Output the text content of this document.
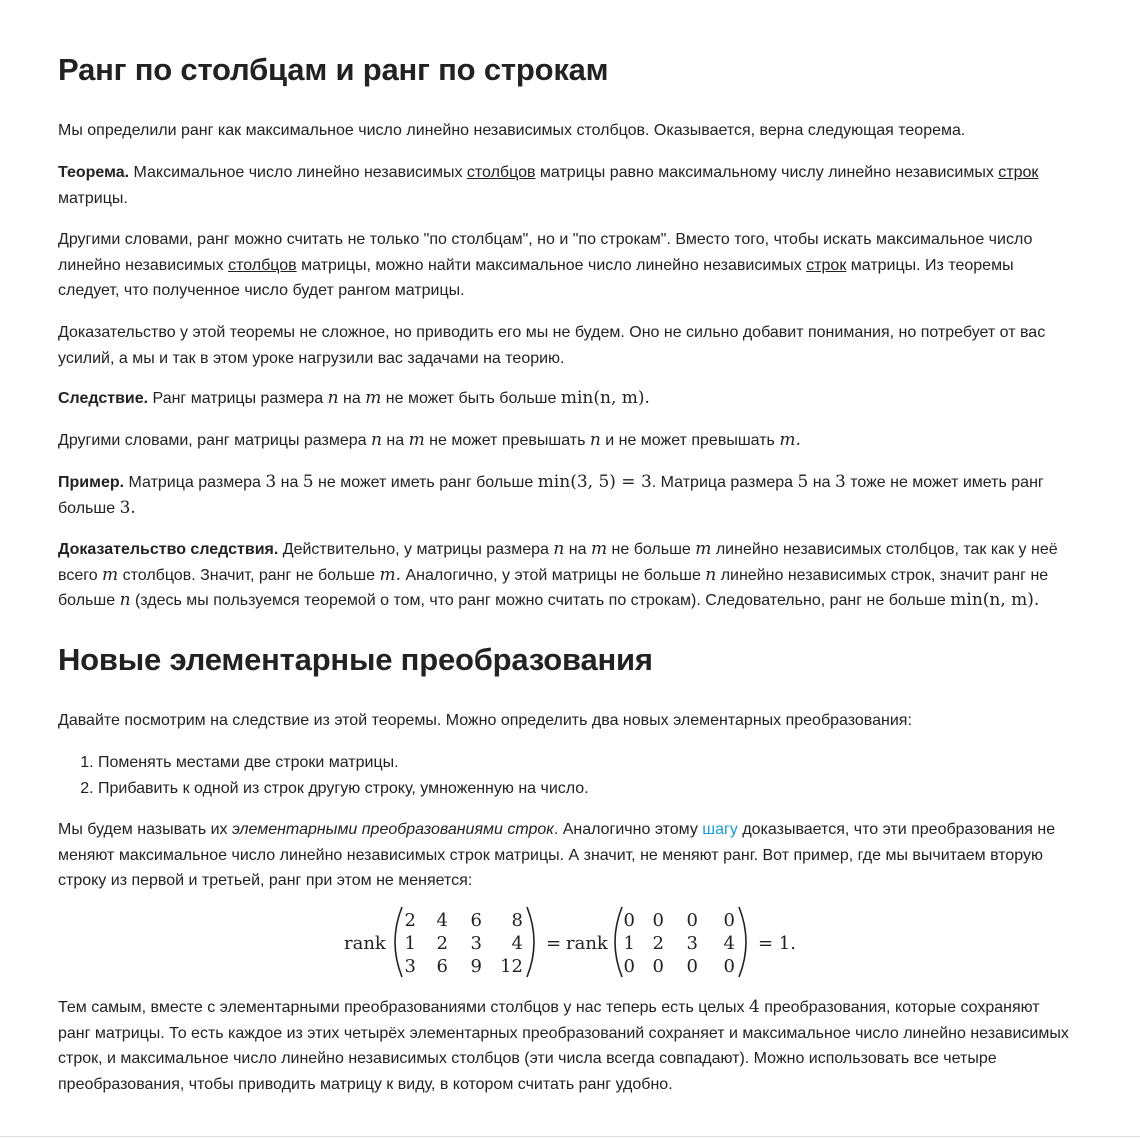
Ранг по столбцам и ранг по строкам

Мы определили ранг как максимальное число линейно независимых столбцов. Оказывается, верна следующая теорема.

Теорема. Максимальное число линейно независимых столбцов матрицы равно максимальному числу линейно независимых строк матрицы.

Другими словами, ранг можно считать не только "по столбцам", но и "по строкам". Вместо того, чтобы искать максимальное число линейно независимых столбцов матрицы, можно найти максимальное число линейно независимых строк матрицы. Из теоремы следует, что полученное число будет рангом матрицы.

Доказательство у этой теоремы не сложное, но приводить его мы не будем. Оно не сильно добавит понимания, но потребует от вас усилий, а мы и так в этом уроке нагрузили вас задачами на теорию.

Следствие. Ранг матрицы размера n на m не может быть больше min(n, m).

Другими словами, ранг матрицы размера n на m не может превышать n и не может превышать m.

Пример. Матрица размера 3 на 5 не может иметь ранг больше min(3, 5) = 3. Матрица размера 5 на 3 тоже не может иметь ранг больше 3.

Доказательство следствия. Действительно, у матрицы размера n на m не больше m линейно независимых столбцов, так как у неё всего m столбцов. Значит, ранг не больше m. Аналогично, у этой матрицы не больше n линейно независимых строк, значит ранг не больше n (здесь мы пользуемся теоремой о том, что ранг можно считать по строкам). Следовательно, ранг не больше min(n, m).

Новые элементарные преобразования

Давайте посмотрим на следствие из этой теоремы. Можно определить два новых элементарных преобразования:

1. Поменять местами две строки матрицы.
2. Прибавить к одной из строк другую строку, умноженную на число.

Мы будем называть их элементарными преобразованиями строк. Аналогично этому шагу доказывается, что эти преобразования не меняют максимальное число линейно независимых строк матрицы. А значит, не меняют ранг. Вот пример, где мы вычитаем вторую строку из первой и третьей, ранг при этом не меняется:

rank
2 4 6 8
1 2 3 4
3 6 9 12
= rank
0 0 0 0
1 2 3 4
0 0 0 0
= 1.

Тем самым, вместе с элементарными преобразованиями столбцов у нас теперь есть целых 4 преобразования, которые сохраняют ранг матрицы. То есть каждое из этих четырёх элементарных преобразований сохраняет и максимальное число линейно независимых строк, и максимальное число линейно независимых столбцов (эти числа всегда совпадают). Можно использовать все четыре преобразования, чтобы приводить матрицу к виду, в котором считать ранг удобно.
